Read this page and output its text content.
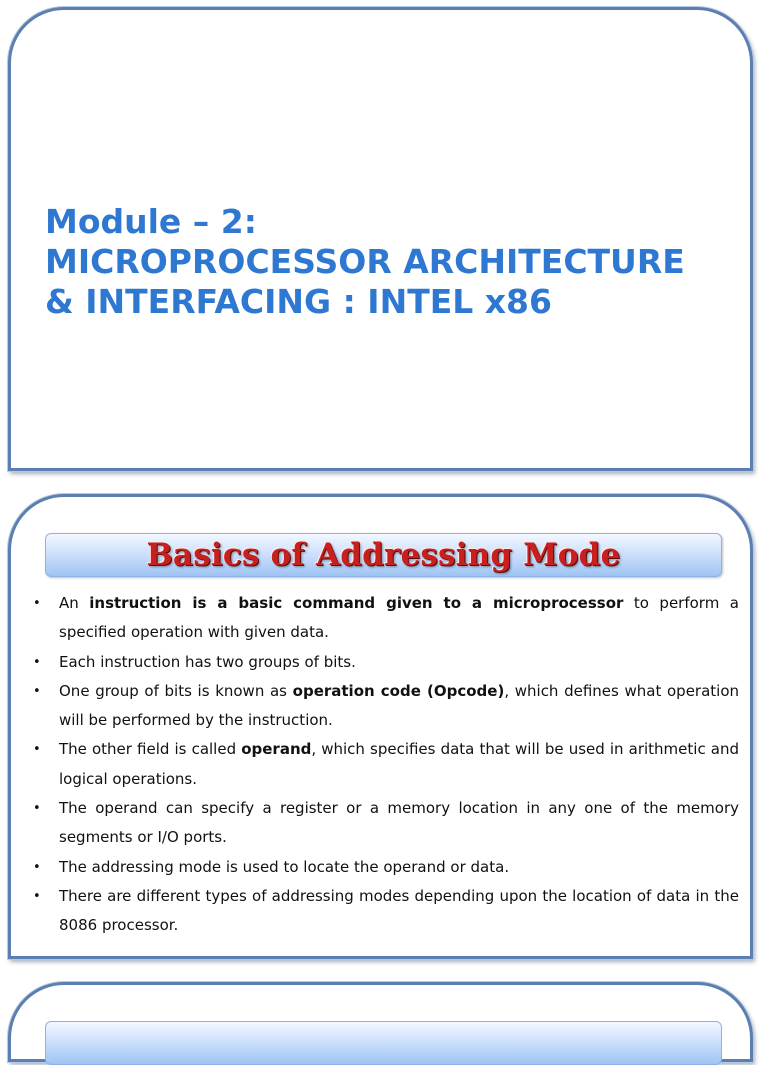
Module – 2:
MICROPROCESSOR ARCHITECTURE
& INTERFACING : INTEL x86
Basics of Addressing Mode
• An instruction is a basic command given to a microprocessor to perform a specified operation with given data.
• Each instruction has two groups of bits.
• One group of bits is known as operation code (Opcode), which defines what operation will be performed by the instruction.
• The other field is called operand, which specifies data that will be used in arithmetic and logical operations.
• The operand can specify a register or a memory location in any one of the memory segments or I/O ports.
• The addressing mode is used to locate the operand or data.
• There are different types of addressing modes depending upon the location of data in the 8086 processor.
